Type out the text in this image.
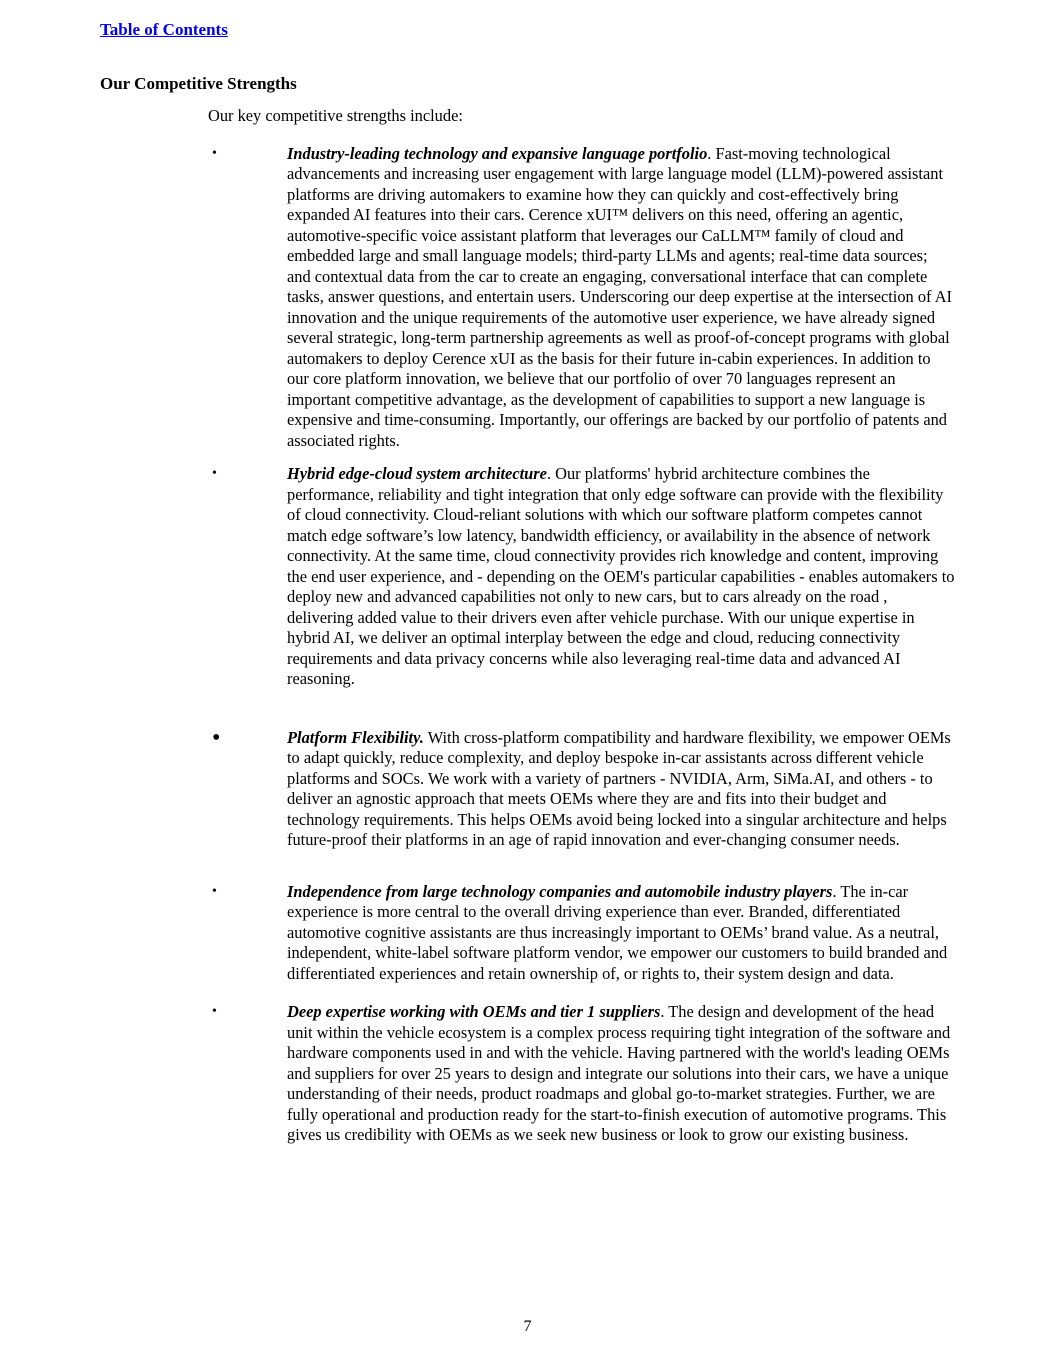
Table of Contents
Our Competitive Strengths
Our key competitive strengths include:
•	Industry-leading technology and expansive language portfolio. Fast-moving technological advancements and increasing user engagement with large language model (LLM)-powered assistant platforms are driving automakers to examine how they can quickly and cost-effectively bring expanded AI features into their cars. Cerence xUI™ delivers on this need, offering an agentic, automotive-specific voice assistant platform that leverages our CaLLM™ family of cloud and embedded large and small language models; third-party LLMs and agents; real-time data sources; and contextual data from the car to create an engaging, conversational interface that can complete tasks, answer questions, and entertain users. Underscoring our deep expertise at the intersection of AI innovation and the unique requirements of the automotive user experience, we have already signed several strategic, long-term partnership agreements as well as proof-of-concept programs with global automakers to deploy Cerence xUI as the basis for their future in-cabin experiences. In addition to our core platform innovation, we believe that our portfolio of over 70 languages represent an important competitive advantage, as the development of capabilities to support a new language is expensive and time-consuming. Importantly, our offerings are backed by our portfolio of patents and associated rights.
•	Hybrid edge-cloud system architecture. Our platforms' hybrid architecture combines the performance, reliability and tight integration that only edge software can provide with the flexibility of cloud connectivity. Cloud-reliant solutions with which our software platform competes cannot match edge software’s low latency, bandwidth efficiency, or availability in the absence of network connectivity. At the same time, cloud connectivity provides rich knowledge and content, improving the end user experience, and - depending on the OEM's particular capabilities - enables automakers to deploy new and advanced capabilities not only to new cars, but to cars already on the road , delivering added value to their drivers even after vehicle purchase. With our unique expertise in hybrid AI, we deliver an optimal interplay between the edge and cloud, reducing connectivity requirements and data privacy concerns while also leveraging real-time data and advanced AI reasoning.
•	Platform Flexibility. With cross-platform compatibility and hardware flexibility, we empower OEMs to adapt quickly, reduce complexity, and deploy bespoke in-car assistants across different vehicle platforms and SOCs. We work with a variety of partners - NVIDIA, Arm, SiMa.AI, and others - to deliver an agnostic approach that meets OEMs where they are and fits into their budget and technology requirements. This helps OEMs avoid being locked into a singular architecture and helps future-proof their platforms in an age of rapid innovation and ever-changing consumer needs.
•	Independence from large technology companies and automobile industry players. The in-car experience is more central to the overall driving experience than ever. Branded, differentiated automotive cognitive assistants are thus increasingly important to OEMs’ brand value. As a neutral, independent, white-label software platform vendor, we empower our customers to build branded and differentiated experiences and retain ownership of, or rights to, their system design and data.
•	Deep expertise working with OEMs and tier 1 suppliers. The design and development of the head unit within the vehicle ecosystem is a complex process requiring tight integration of the software and hardware components used in and with the vehicle. Having partnered with the world's leading OEMs and suppliers for over 25 years to design and integrate our solutions into their cars, we have a unique understanding of their needs, product roadmaps and global go-to-market strategies. Further, we are fully operational and production ready for the start-to-finish execution of automotive programs. This gives us credibility with OEMs as we seek new business or look to grow our existing business.
7
